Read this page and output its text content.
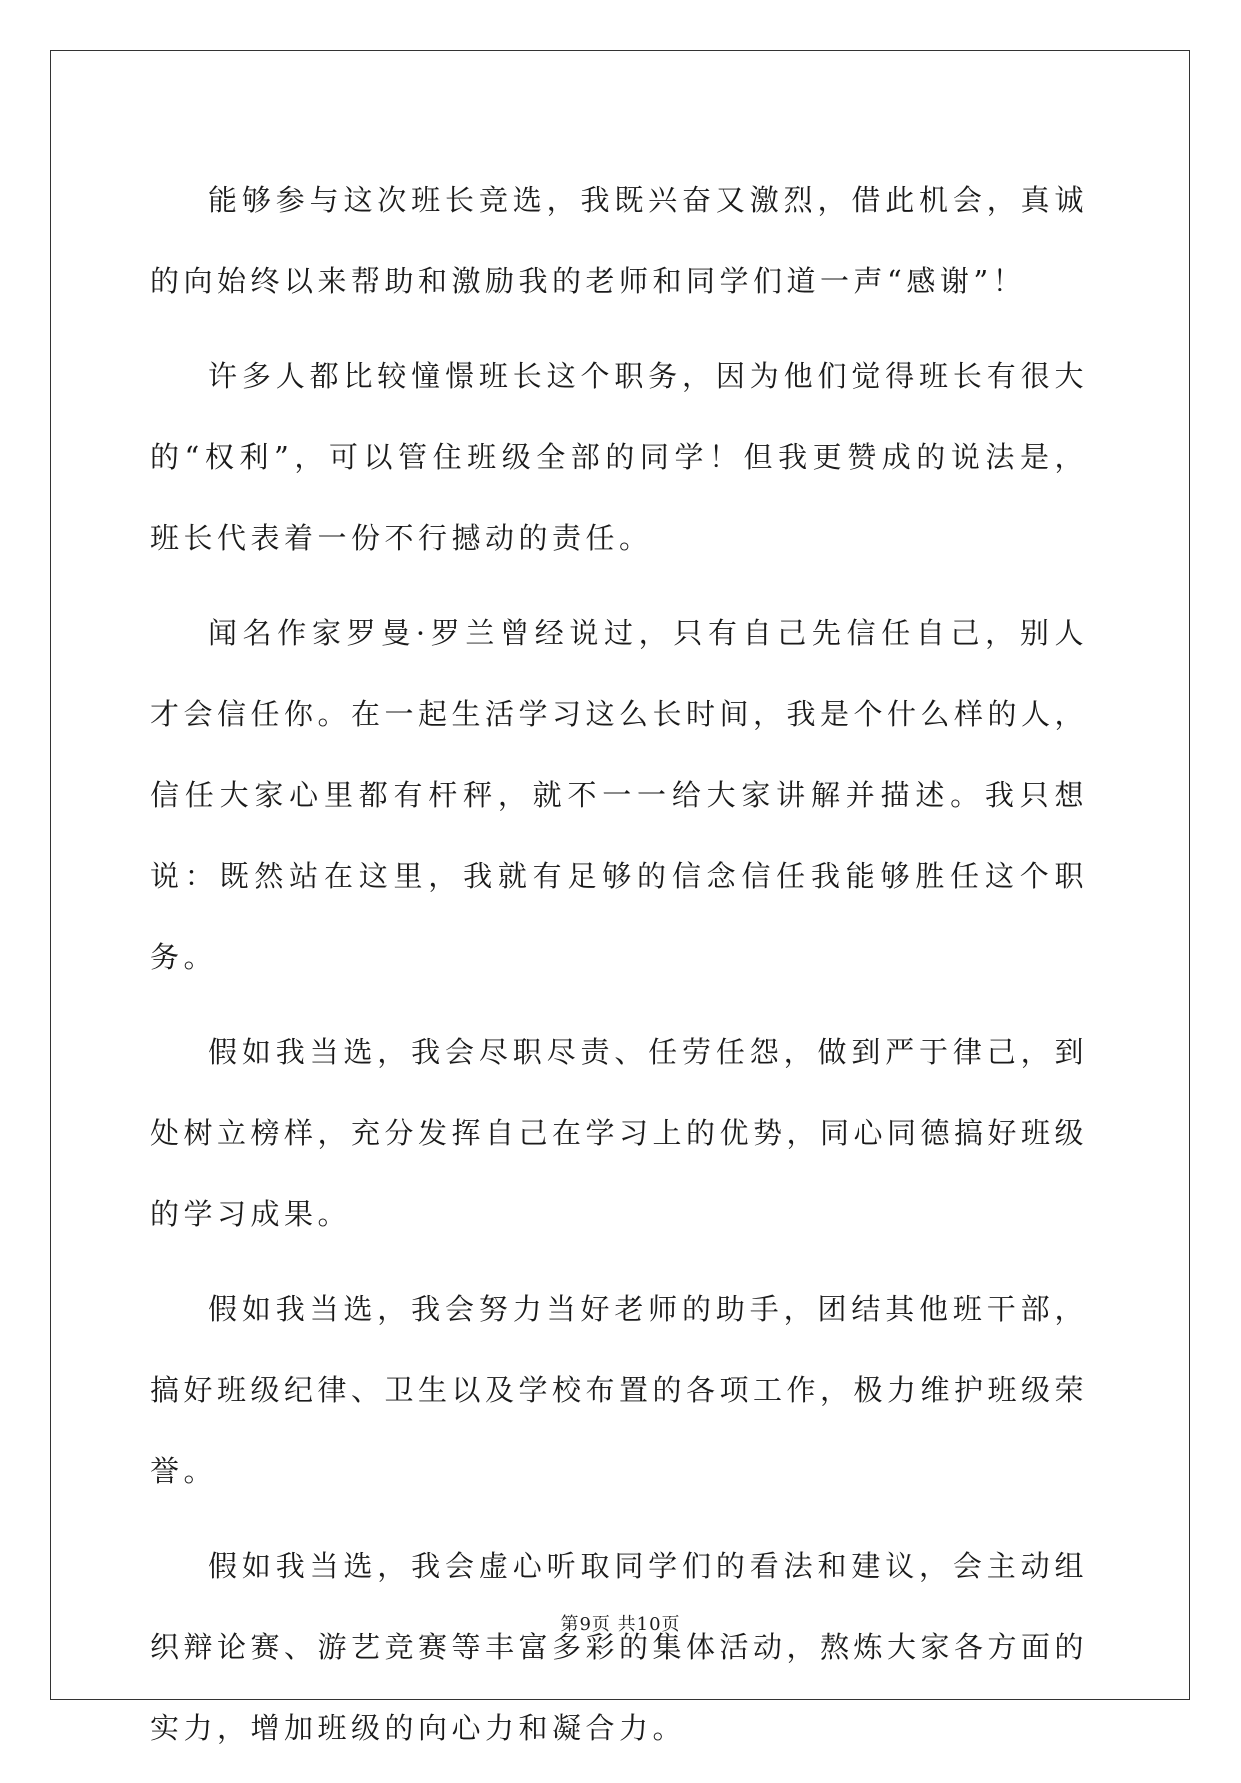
能够参与这次班长竞选，我既兴奋又激烈，借此机会，真诚的向始终以来帮助和激励我的老师和同学们道一声“感谢”！

许多人都比较憧憬班长这个职务，因为他们觉得班长有很大的“权利”，可以管住班级全部的同学！但我更赞成的说法是，班长代表着一份不行撼动的责任。

闻名作家罗曼·罗兰曾经说过，只有自己先信任自己，别人才会信任你。在一起生活学习这么长时间，我是个什么样的人，信任大家心里都有杆秤，就不一一给大家讲解并描述。我只想说：既然站在这里，我就有足够的信念信任我能够胜任这个职务。

假如我当选，我会尽职尽责、任劳任怨，做到严于律己，到处树立榜样，充分发挥自己在学习上的优势，同心同德搞好班级的学习成果。

假如我当选，我会努力当好老师的助手，团结其他班干部，搞好班级纪律、卫生以及学校布置的各项工作，极力维护班级荣誉。

假如我当选，我会虚心听取同学们的看法和建议，会主动组织辩论赛、游艺竞赛等丰富多彩的集体活动，熬炼大家各方面的实力，增加班级的向心力和凝合力。

第9页 共10页
